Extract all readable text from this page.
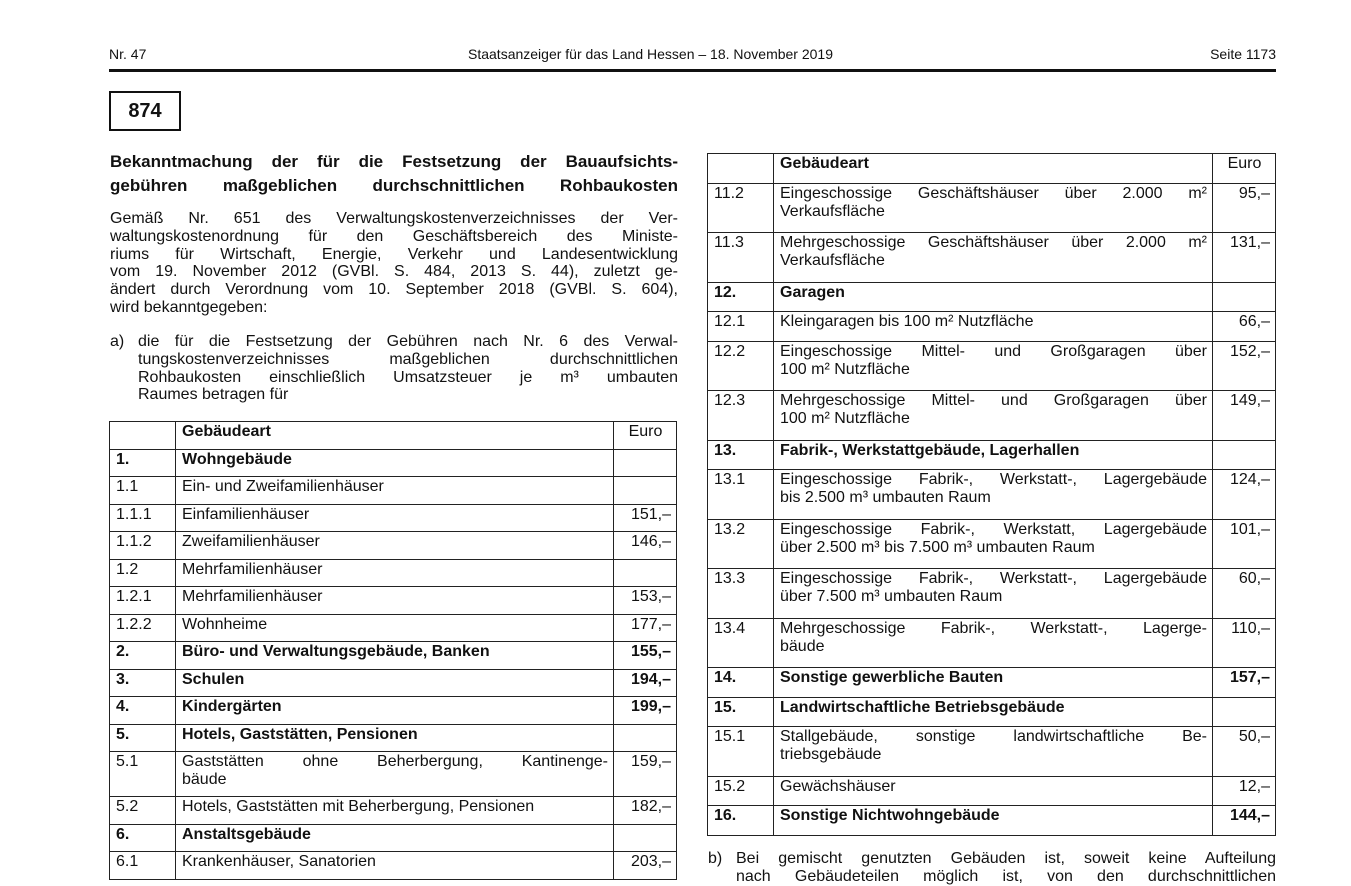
Nr. 47	Staatsanzeiger für das Land Hessen – 18. November 2019	Seite 1173
874
Bekanntmachung der für die Festsetzung der Bauaufsichts-
gebühren maßgeblichen durchschnittlichen Rohbaukosten
Gemäß Nr. 651 des Verwaltungskostenverzeichnisses der Ver-
waltungskostenordnung für den Geschäftsbereich des Ministe-
riums für Wirtschaft, Energie, Verkehr und Landesentwicklung
vom 19. November 2012 (GVBl. S. 484, 2013 S. 44), zuletzt ge-
ändert durch Verordnung vom 10. September 2018 (GVBl. S. 604),
wird bekanntgegeben:
a) die für die Festsetzung der Gebühren nach Nr. 6 des Verwal-
tungskostenverzeichnisses maßgeblichen durchschnittlichen
Rohbaukosten einschließlich Umsatzsteuer je m³ umbauten
Raumes betragen für
	Gebäudeart	Euro
1.	Wohngebäude	
1.1	Ein- und Zweifamilienhäuser	
1.1.1	Einfamilienhäuser	151,–
1.1.2	Zweifamilienhäuser	146,–
1.2	Mehrfamilienhäuser	
1.2.1	Mehrfamilienhäuser	153,–
1.2.2	Wohnheime	177,–
2.	Büro- und Verwaltungsgebäude, Banken	155,–
3.	Schulen	194,–
4.	Kindergärten	199,–
5.	Hotels, Gaststätten, Pensionen	
5.1	Gaststätten ohne Beherbergung, Kantinenge-
bäude	159,–
5.2	Hotels, Gaststätten mit Beherbergung, Pensionen	182,–
6.	Anstaltsgebäude	
6.1	Krankenhäuser, Sanatorien	203,–
	Gebäudeart	Euro
11.2	Eingeschossige Geschäftshäuser über 2.000 m²
Verkaufsfläche	95,–
11.3	Mehrgeschossige Geschäftshäuser über 2.000 m²
Verkaufsfläche	131,–
12.	Garagen	
12.1	Kleingaragen bis 100 m² Nutzfläche	66,–
12.2	Eingeschossige Mittel- und Großgaragen über
100 m² Nutzfläche	152,–
12.3	Mehrgeschossige Mittel- und Großgaragen über
100 m² Nutzfläche	149,–
13.	Fabrik-, Werkstattgebäude, Lagerhallen	
13.1	Eingeschossige Fabrik-, Werkstatt-, Lagergebäude
bis 2.500 m³ umbauten Raum	124,–
13.2	Eingeschossige Fabrik-, Werkstatt, Lagergebäude
über 2.500 m³ bis 7.500 m³ umbauten Raum	101,–
13.3	Eingeschossige Fabrik-, Werkstatt-, Lagergebäude
über 7.500 m³ umbauten Raum	60,–
13.4	Mehrgeschossige Fabrik-, Werkstatt-, Lagerge-
bäude	110,–
14.	Sonstige gewerbliche Bauten	157,–
15.	Landwirtschaftliche Betriebsgebäude	
15.1	Stallgebäude, sonstige landwirtschaftliche Be-
triebsgebäude	50,–
15.2	Gewächshäuser	12,–
16.	Sonstige Nichtwohngebäude	144,–
b) Bei gemischt genutzten Gebäuden ist, soweit keine Aufteilung
nach Gebäudeteilen möglich ist, von den durchschnittlichen
